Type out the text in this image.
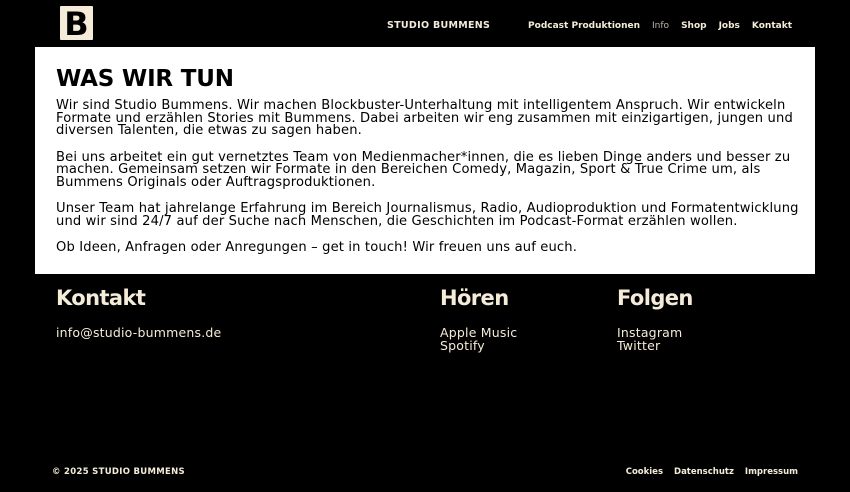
B	STUDIO BUMMENS	Podcast Produktionen Info Shop Jobs Kontakt
WAS WIR TUN

Wir sind Studio Bummens. Wir machen Blockbuster-Unterhaltung mit intelligentem Anspruch. Wir entwickeln Formate und erzählen Stories mit Bummens. Dabei arbeiten wir eng zusammen mit einzigartigen, jungen und diversen Talenten, die etwas zu sagen haben.

Bei uns arbeitet ein gut vernetztes Team von Medienmacher*innen, die es lieben Dinge anders und besser zu machen. Gemeinsam setzen wir Formate in den Bereichen Comedy, Magazin, Sport & True Crime um, als Bummens Originals oder Auftragsproduktionen.

Unser Team hat jahrelange Erfahrung im Bereich Journalismus, Radio, Audioproduktion und Formatentwicklung und wir sind 24/7 auf der Suche nach Menschen, die Geschichten im Podcast-Format erzählen wollen.

Ob Ideen, Anfragen oder Anregungen – get in touch! Wir freuen uns auf euch.

Kontakt
info@studio-bummens.de
Hören
Apple Music
Spotify
Folgen
Instagram
Twitter
© 2025 STUDIO BUMMENS	Cookies Datenschutz Impressum
